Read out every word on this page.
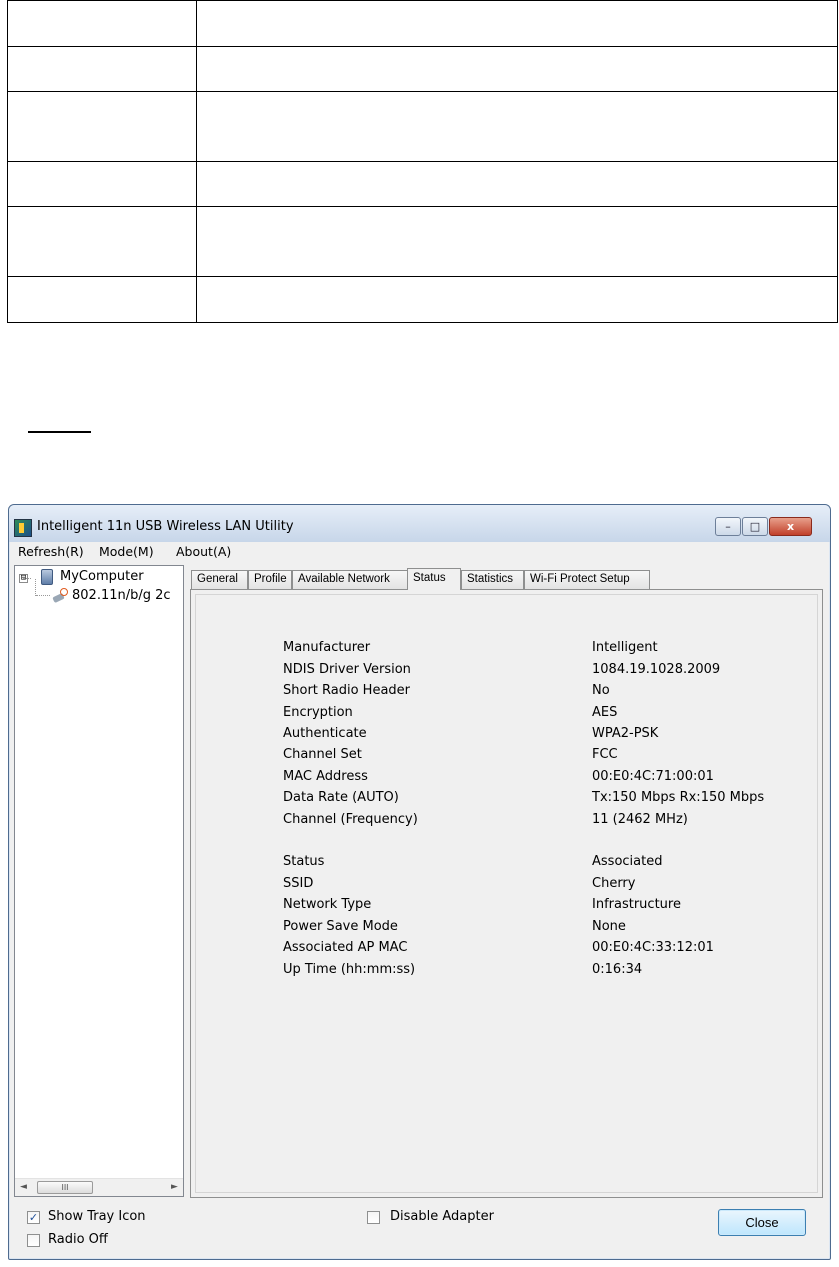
Intelligent 11n USB Wireless LAN Utility	–	□	x
Refresh(R) Mode(M) About(A)
⊟	MyComputer
802.11n/b/g 2c
◄	III	►
General	Profile Available Network	Status	Statistics	Wi-Fi Protect Setup
Manufacturer	Intelligent
NDIS Driver Version	1084.19.1028.2009
Short Radio Header	No
Encryption	AES
Authenticate	WPA2-PSK
Channel Set	FCC
MAC Address	00:E0:4C:71:00:01
Data Rate (AUTO)	Tx:150 Mbps Rx:150 Mbps
Channel (Frequency)	11 (2462 MHz)
Status	Associated
SSID	Cherry
Network Type	Infrastructure
Power Save Mode	None
Associated AP MAC	00:E0:4C:33:12:01
Up Time (hh:mm:ss)	0:16:34
✓ Show Tray Icon
Radio Off
Disable Adapter	Close
